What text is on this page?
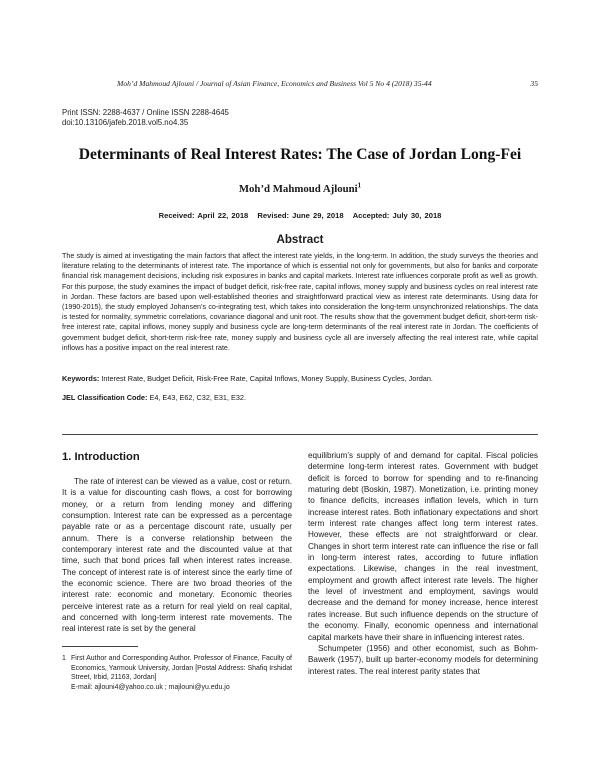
Moh’d Mahmoud Ajlouni / Journal of Asian Finance, Economics and Business Vol 5 No 4 (2018) 35-44	35
Print ISSN: 2288-4637 / Online ISSN 2288-4645
doi:10.13106/jafeb.2018.vol5.no4.35
Determinants of Real Interest Rates: The Case of Jordan Long-Fei
Moh’d Mahmoud Ajlouni$^1$
Received: April 22, 2018 Revised: June 29, 2018 Accepted: July 30, 2018
Abstract
The study is aimed at investigating the main factors that affect the interest rate yields, in the long-term. In addition, the study surveys the theories and literature relating to the determinants of interest rate. The importance of which is essential not only for governments, but also for banks and corporate financial risk management decisions, including risk exposures in banks and capital markets. Interest rate influences corporate profit as well as growth. For this purpose, the study examines the impact of budget deficit, risk-free rate, capital inflows, money supply and business cycles on real interest rate in Jordan. These factors are based upon well-established theories and straightforward practical view as interest rate determinants. Using data for (1990-2015), the study employed Johansen’s co-integrating test, which takes into consideration the long-term unsynchronized relationships. The data is tested for normality, symmetric correlations, covariance diagonal and unit root. The results show that the government budget deficit, short-term risk-free interest rate, capital inflows, money supply and business cycle are long-term determinants of the real interest rate in Jordan. The coefficients of government budget deficit, short-term risk-free rate, money supply and business cycle all are inversely affecting the real interest rate, while capital inflows has a positive impact on the real interest rate.
Keywords: Interest Rate, Budget Deficit, Risk-Free Rate, Capital Inflows, Money Supply, Business Cycles, Jordan.
JEL Classification Code: E4, E43, E62, C32, E31, E32.
1. Introduction

The rate of interest can be viewed as a value, cost or return. It is a value for discounting cash flows, a cost for borrowing money, or a return from lending money and differing consumption. Interest rate can be expressed as a percentage payable rate or as a percentage discount rate, usually per annum. There is a converse relationship between the contemporary interest rate and the discounted value at that time, such that bond prices fall when interest rates increase. The concept of interest rate is of interest since the early time of the economic science. There are two broad theories of the interest rate: economic and monetary. Economic theories perceive interest rate as a return for real yield on real capital, and concerned with long-term interest rate movements. The real interest rate is set by the general

equilibrium’s supply of and demand for capital. Fiscal policies determine long-term interest rates. Government with budget deficit is forced to borrow for spending and to re-financing maturing debt (Boskin, 1987). Monetization, i.e. printing money to finance deficits, increases inflation levels, which in turn increase interest rates. Both inflationary expectations and short term interest rate changes affect long term interest rates. However, these effects are not straightforward or clear. Changes in short term interest rate can influence the rise or fall in long-term interest rates, according to future inflation expectations. Likewise, changes in the real investment, employment and growth affect interest rate levels. The higher the level of investment and employment, savings would decrease and the demand for money increase, hence interest rates increase. But such influence depends on the structure of the economy. Finally, economic openness and international capital markets have their share in influencing interest rates.

Schumpeter (1956) and other economist, such as Bohm-Bawerk (1957), built up barter-economy models for determining interest rates. The real interest parity states that

1 First Author and Corresponding Author. Professor of Finance, Faculty of Economics, Yarmouk University, Jordan [Postal Address: Shafiq Irshidat Street, Irbid, 21163, Jordan]
E-mail: ajlouni4@yahoo.co.uk ; majlouni@yu.edu.jo
